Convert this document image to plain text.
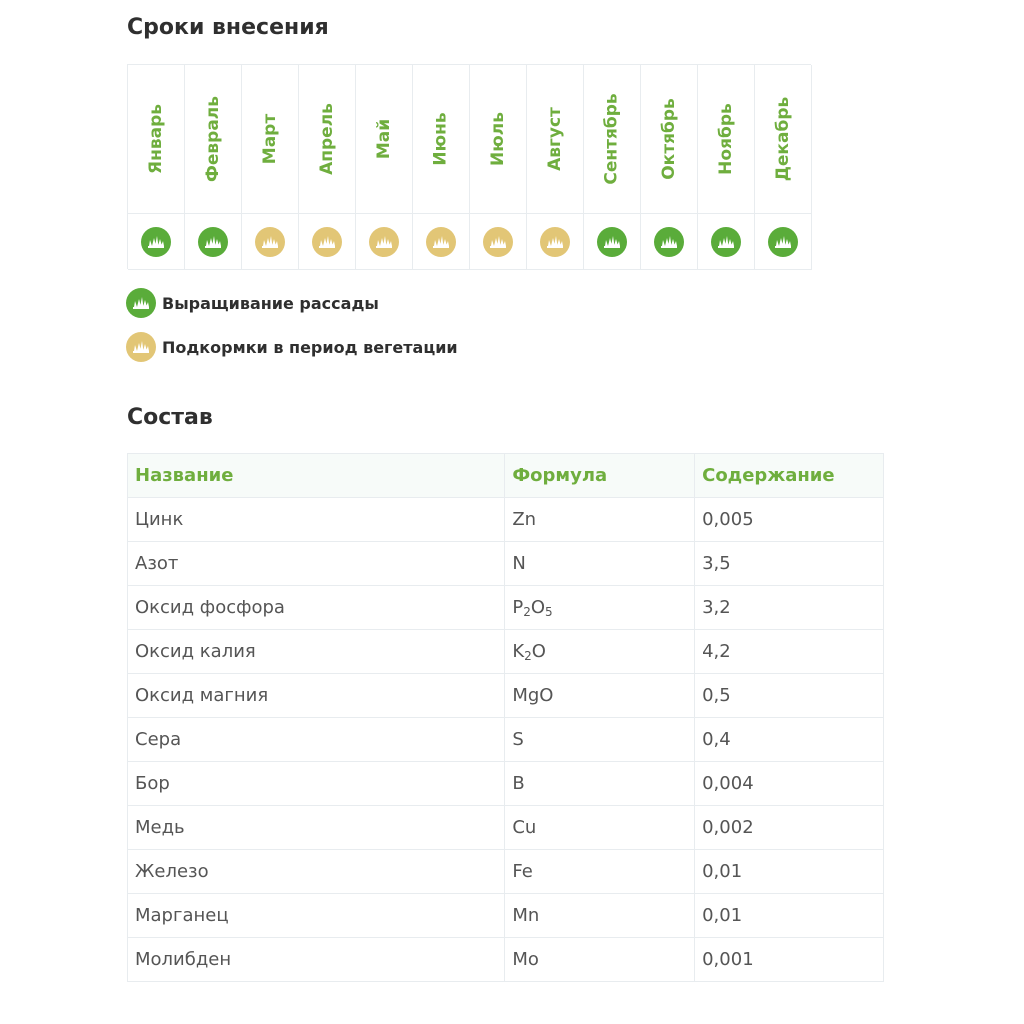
Сроки внесения
Январь Февраль Март Апрель Май Июнь Июль Август Сентябрь Октябрь Ноябрь Декабрь
Выращивание рассады
Подкормки в период вегетации
Состав
Название	Формула	Содержание
Цинк	Zn	0,005
Азот	N	3,5
Оксид фосфора	$P_2O_5$	3,2
Оксид калия	$K_2O$	4,2
Оксид магния	MgO	0,5
Сера	S	0,4
Бор	B	0,004
Медь	Cu	0,002
Железо	Fe	0,01
Марганец	Mn	0,01
Молибден	Mo	0,001
